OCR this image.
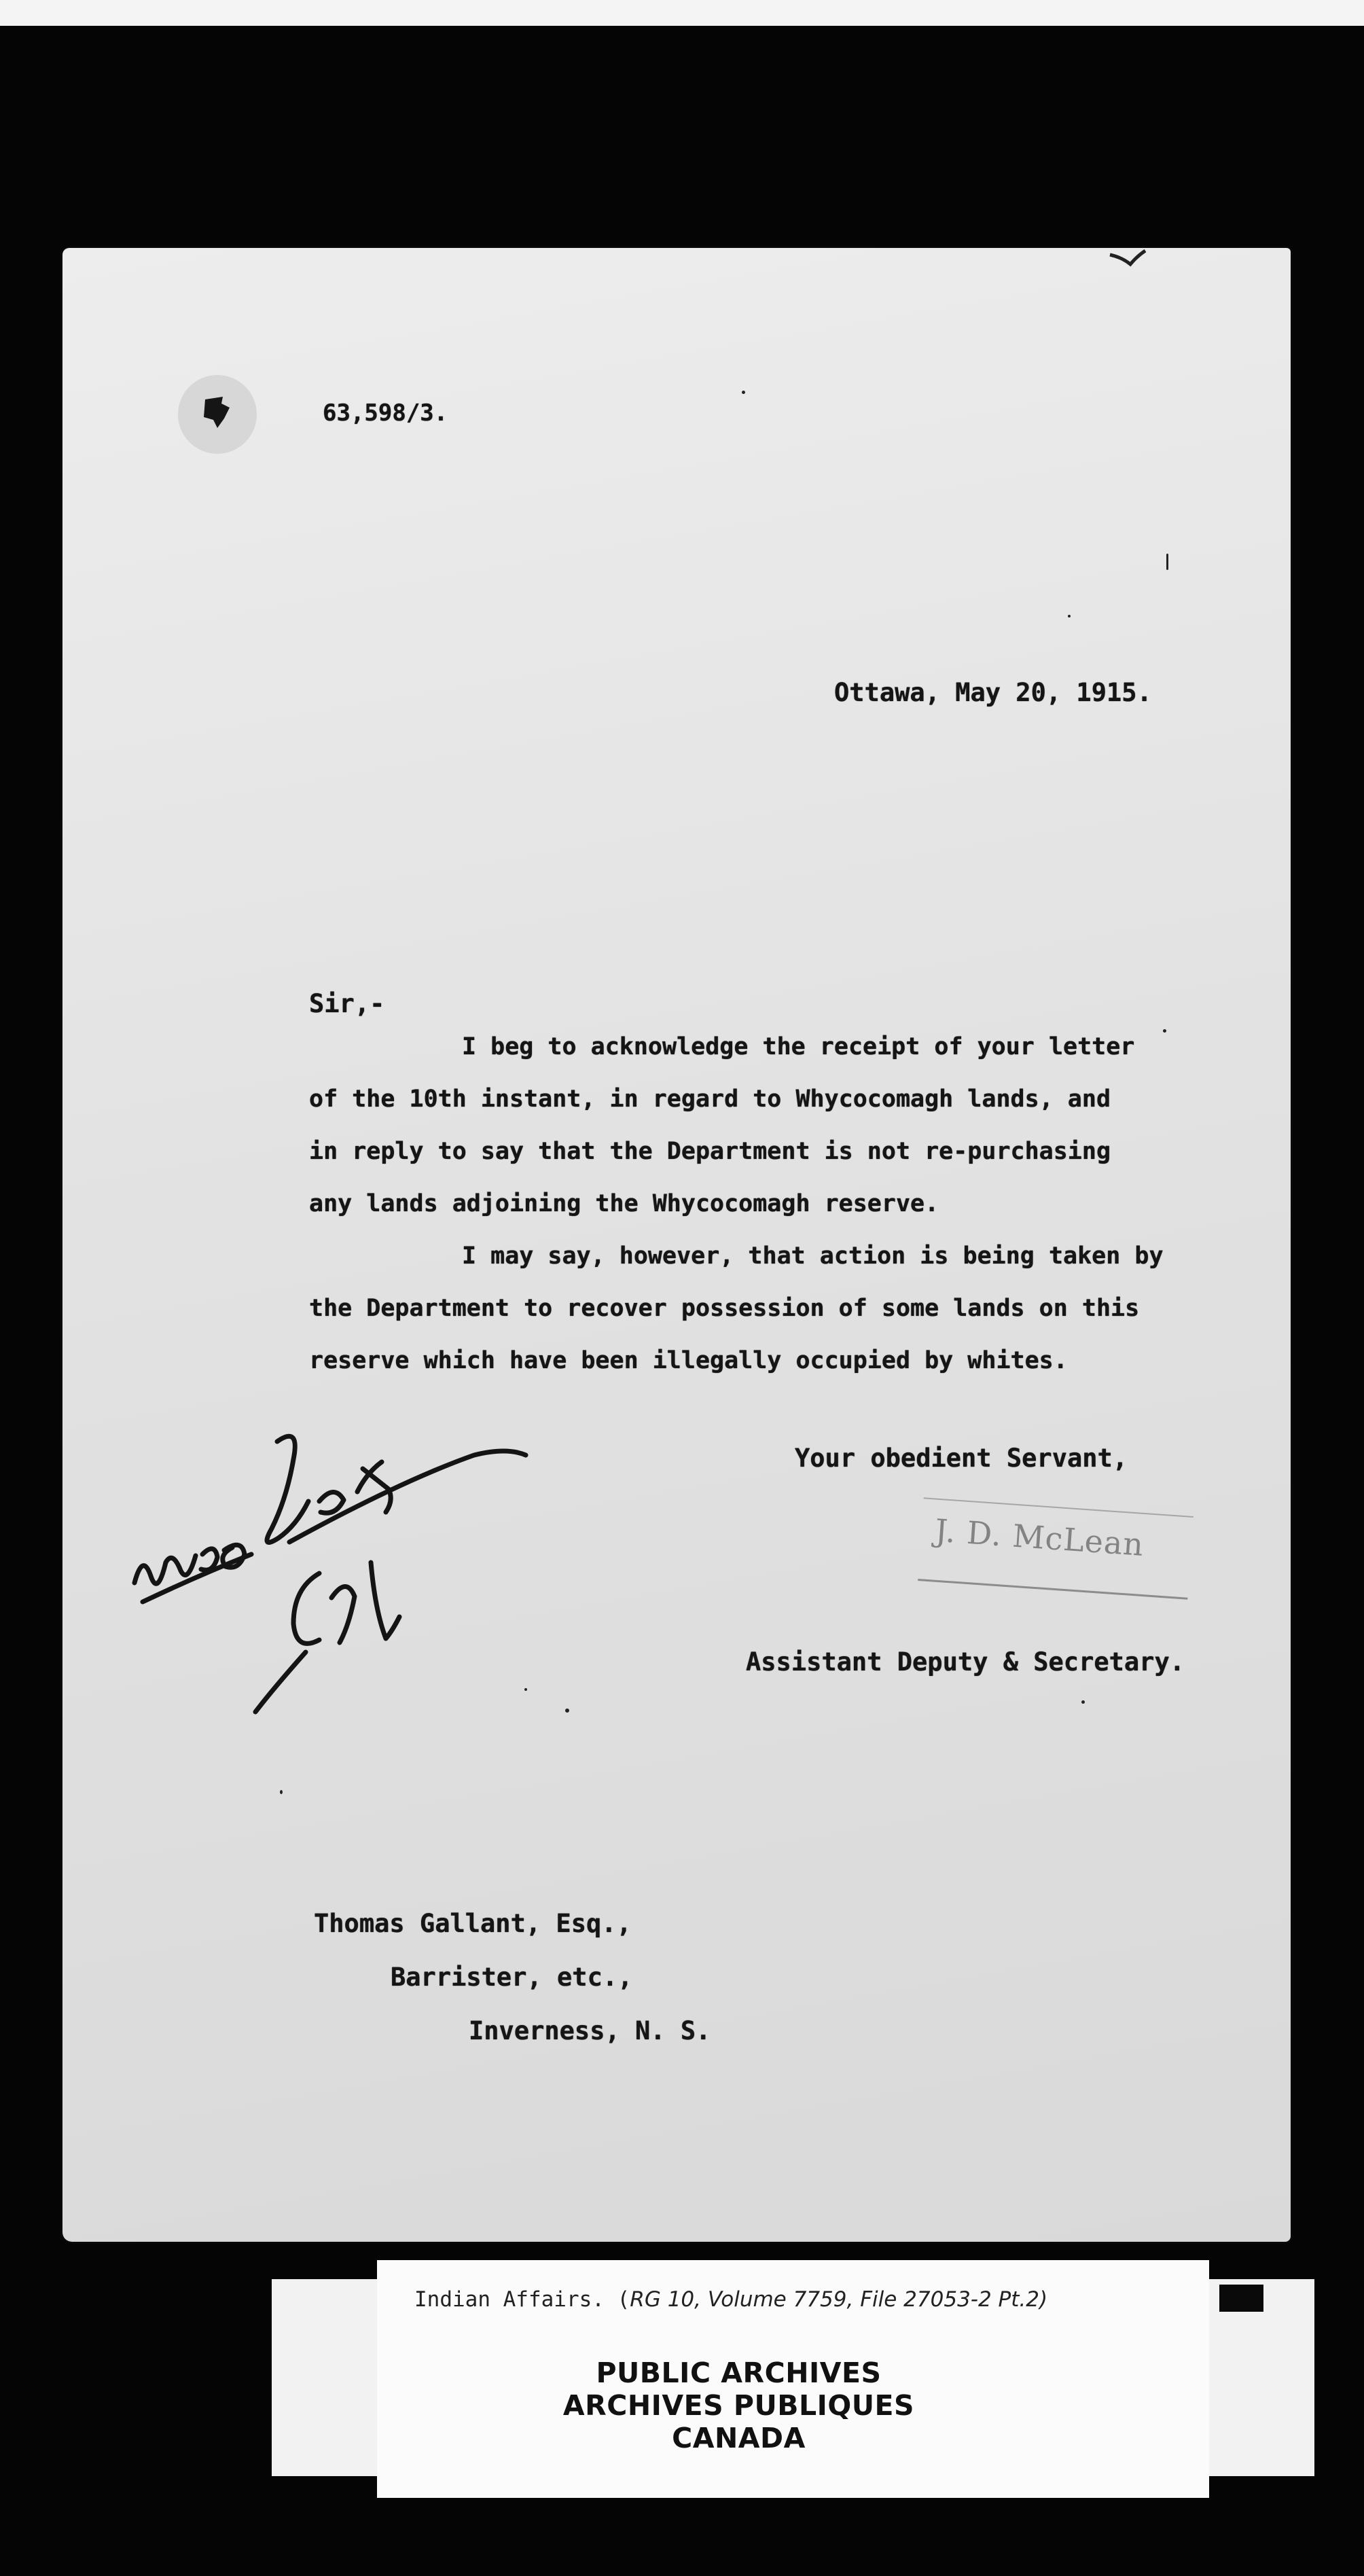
63,598/3.
Ottawa, May 20, 1915.
Sir,-
I beg to acknowledge the receipt of your letter
of the 10th instant, in regard to Whycocomagh lands, and
in reply to say that the Department is not re-purchasing
any lands adjoining the Whycocomagh reserve.
I may say, however, that action is being taken by
the Department to recover possession of some lands on this
reserve which have been illegally occupied by whites.
Your obedient Servant,
J. D. McLean
Assistant Deputy & Secretary.
Thomas Gallant, Esq.,
Barrister, etc.,
Inverness, N. S.
Indian Affairs. (RG 10, Volume 7759, File 27053-2 Pt.2)
PUBLIC ARCHIVES
ARCHIVES PUBLIQUES
CANADA
